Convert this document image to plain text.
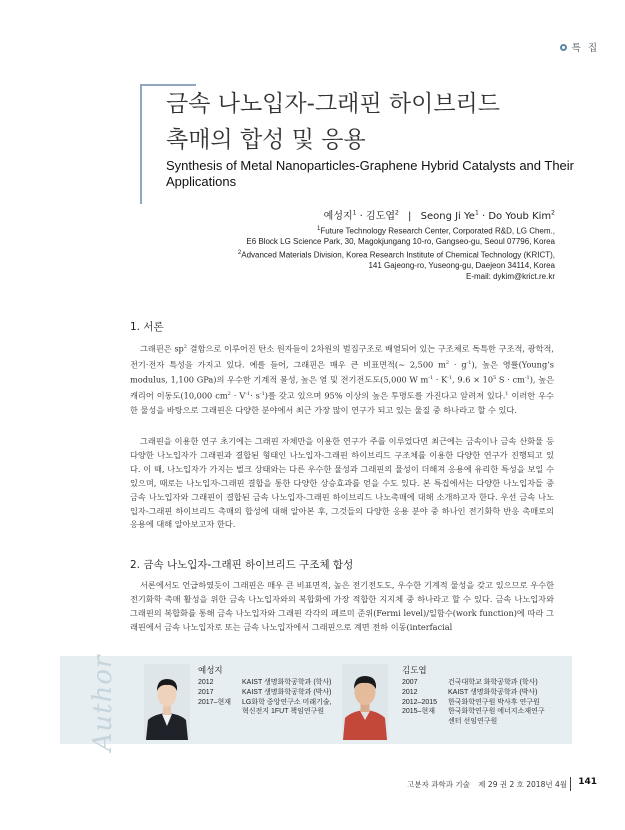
특 집
금속 나노입자-그래핀 하이브리드
촉매의 합성 및 응용
Synthesis of Metal Nanoparticles-Graphene Hybrid Catalysts and Their Applications
예성지$^1$ · 김도엽$^2$ | Seong Ji $Ye^1 \cdot Do$ Youb Kim$^2$
$^1$Future Technology Research Center, Corporated R&D, LG Chem.,
E6 Block LG Science Park, 30, Magokjungang 10-ro, Gangseo-gu, Seoul 07796, Korea
$^2$Advanced Materials Division, Korea Research Institute of Chemical Technology (KRICT),
141 Gajeong-ro, Yuseong-gu, Daejeon 34114, Korea
E-mail: dykim@krict.re.kr
1. 서론

그래핀은 $sp^2$ 결합으로 이루어진 탄소 원자들이 2차원의 벌집구조로 배열되어 있는 구조체로 독특한 구조적, 광학적, 전기·전자 특성을 가지고 있다. 예를 들어, 그래핀은 매우 큰 비표면적(~ 2,500 $m^2 \cdot g^{-1}$), 높은 영률(Young’s modulus, 1,100 GPa)의 우수한 기계적 물성, 높은 열 및 전기전도도(5,000 W $m^{-1} \cdot K^{-1}$, $9.6 \times 10^5$ $S \cdot cm^{-1}$), 높은 캐리어 이동도(10,000 $cm^2 \cdot V^{-1}\cdot s^{-1}$)를 갖고 있으며 95% 이상의 높은 투명도를 가진다고 알려져 있다.$^1$ 이러한 우수한 물성을 바탕으로 그래핀은 다양한 분야에서 최근 가장 많이 연구가 되고 있는 물질 중 하나라고 할 수 있다.

그래핀을 이용한 연구 초기에는 그래핀 자체만을 이용한 연구가 주를 이루었다면 최근에는 금속이나 금속 산화물 등 다양한 나노입자가 그래핀과 결합된 형태인 나노입자-그래핀 하이브리드 구조체를 이용한 다양한 연구가 진행되고 있다. 이 때, 나노입자가 가지는 벌크 상태와는 다른 우수한 물성과 그래핀의 물성이 더해져 응용에 유리한 특성을 보일 수 있으며, 때로는 나노입자-그래핀 결합을 통한 다양한 상승효과를 얻을 수도 있다. 본 특집에서는 다양한 나노입자들 중 금속 나노입자와 그래핀이 결합된 금속 나노입자-그래핀 하이브리드 나노촉매에 대해 소개하고자 한다. 우선 금속 나노입자-그래핀 하이브리드 촉매의 합성에 대해 알아본 후, 그것들의 다양한 응용 분야 중 하나인 전기화학 반응 촉매로의 응용에 대해 알아보고자 한다.

2. 금속 나노입자-그래핀 하이브리드 구조체 합성

서론에서도 언급하였듯이 그래핀은 매우 큰 비표면적, 높은 전기전도도, 우수한 기계적 물성을 갖고 있으므로 우수한 전기화학 촉매 활성을 위한 금속 나노입자와의 복합화에 가장 적합한 지지체 중 하나라고 할 수 있다. 금속 나노입자와 그래핀의 복합화를 통해 금속 나노입자와 그래핀 각각의 페르미 준위(Fermi level)/일함수(work function)에 따라 그래핀에서 금속 나노입자로 또는 금속 나노입자에서 그래핀으로 계면 전하 이동(interfacial

Author	예성지
2012
2017
2017–현재
KAIST 생명화학공학과 (학사)
KAIST 생명화학공학과 (박사)
LG화학 중앙연구소 미래기술,
혁신전지 1FUT 책임연구원
김도엽
2007
2012
2012–2015
2015–현재
건국대학교 화학공학과 (학사)
KAIST 생명화학공학과 (박사)
한국화학연구원 박사후 연구원
한국화학연구원 에너지소재연구
센터 선임연구원
고분자 과학과 기술 제 29 권 2 호 2018년 4월 141
